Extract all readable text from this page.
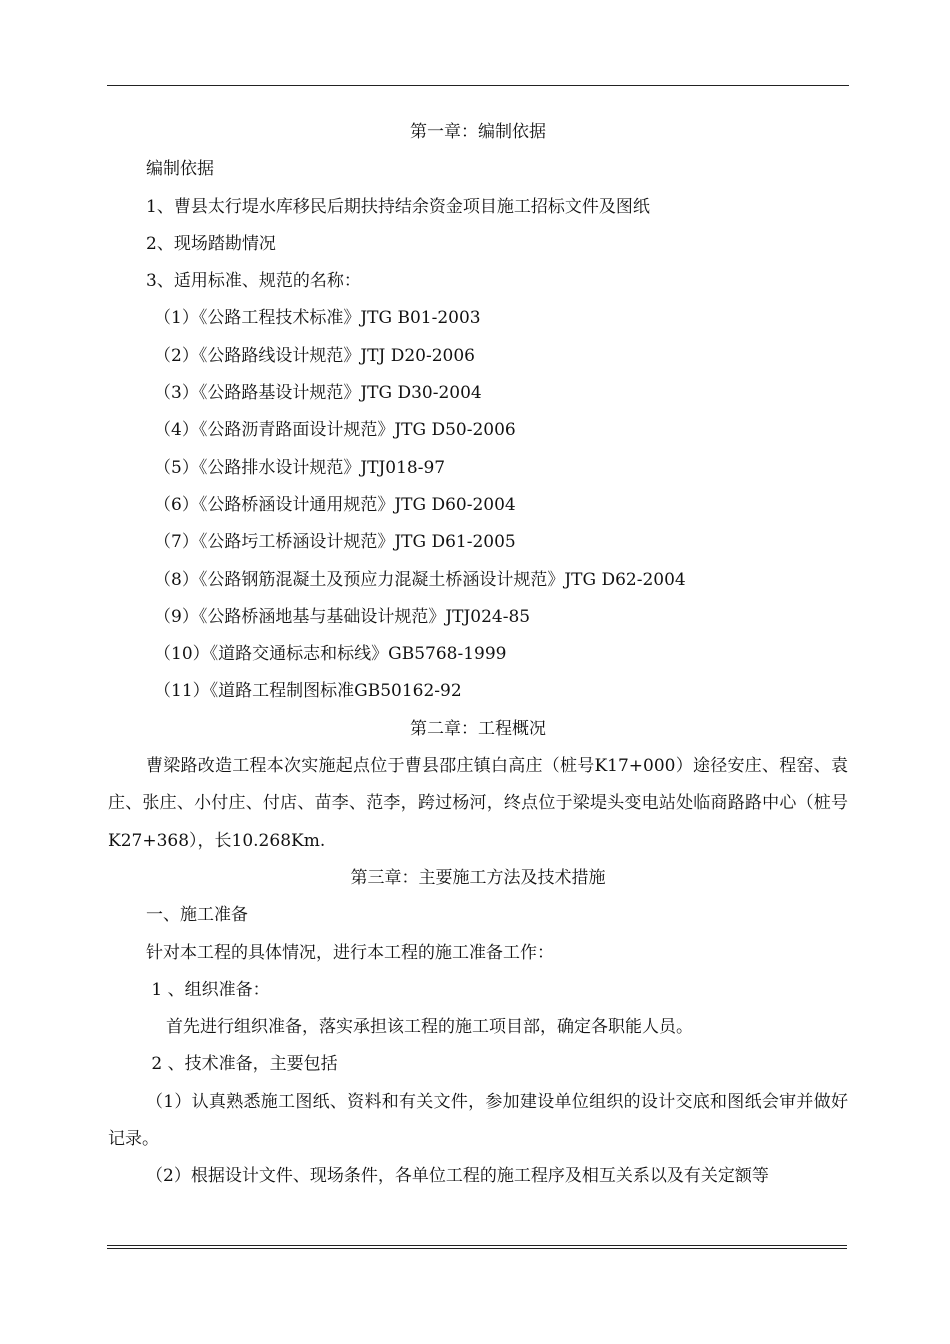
第一章：编制依据
编制依据
1、曹县太行堤水库移民后期扶持结余资金项目施工招标文件及图纸
2、现场踏勘情况
3、适用标准、规范的名称：
（1）《公路工程技术标准》JTG B01-2003
（2）《公路路线设计规范》JTJ D20-2006
（3）《公路路基设计规范》JTG D30-2004
（4）《公路沥青路面设计规范》JTG D50-2006
（5）《公路排水设计规范》JTJ018-97
（6）《公路桥涵设计通用规范》JTG D60-2004
（7）《公路圬工桥涵设计规范》JTG D61-2005
（8）《公路钢筋混凝土及预应力混凝土桥涵设计规范》JTG D62-2004
（9）《公路桥涵地基与基础设计规范》JTJ024-85
（10）《道路交通标志和标线》GB5768-1999
（11）《道路工程制图标准GB50162-92
第二章：工程概况
曹梁路改造工程本次实施起点位于曹县邵庄镇白高庄（桩号K17+000）途径安庄、程窑、袁庄、张庄、小付庄、付店、苗李、范李，跨过杨河，终点位于梁堤头变电站处临商路路中心（桩号K27+368），长10.268Km.
第三章：主要施工方法及技术措施
一、施工准备
针对本工程的具体情况，进行本工程的施工准备工作：
1 、组织准备：
首先进行组织准备，落实承担该工程的施工项目部，确定各职能人员。
2 、技术准备，主要包括
（1）认真熟悉施工图纸、资料和有关文件，参加建设单位组织的设计交底和图纸会审并做好记录。
（2）根据设计文件、现场条件，各单位工程的施工程序及相互关系以及有关定额等
